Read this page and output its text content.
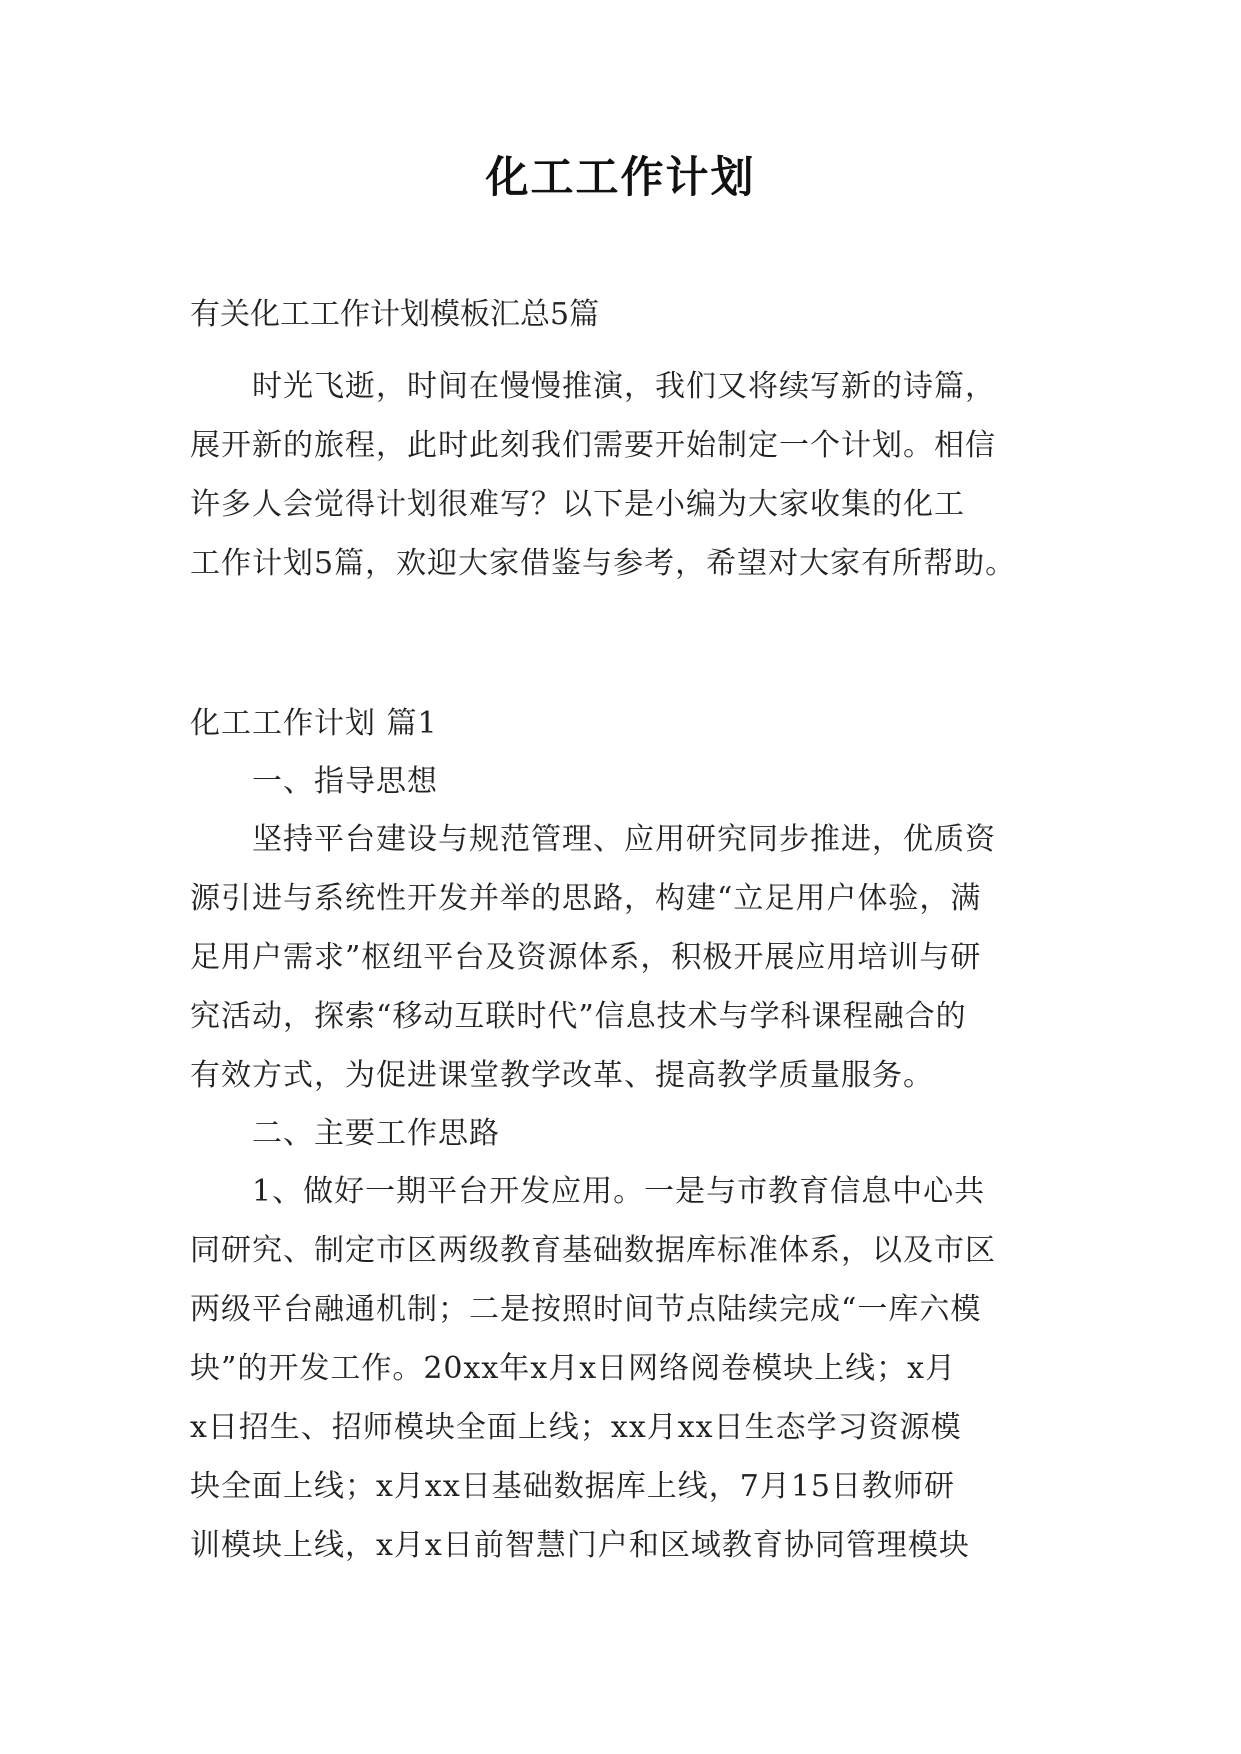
化工工作计划
有关化工工作计划模板汇总5篇
时光飞逝，时间在慢慢推演，我们又将续写新的诗篇，
展开新的旅程，此时此刻我们需要开始制定一个计划。相信
许多人会觉得计划很难写？以下是小编为大家收集的化工
工作计划5篇，欢迎大家借鉴与参考，希望对大家有所帮助。
化工工作计划 篇1
一、指导思想
坚持平台建设与规范管理、应用研究同步推进，优质资
源引进与系统性开发并举的思路，构建“立足用户体验，满
足用户需求”枢纽平台及资源体系，积极开展应用培训与研
究活动，探索“移动互联时代”信息技术与学科课程融合的
有效方式，为促进课堂教学改革、提高教学质量服务。
二、主要工作思路
1、做好一期平台开发应用。一是与市教育信息中心共
同研究、制定市区两级教育基础数据库标准体系，以及市区
两级平台融通机制；二是按照时间节点陆续完成“一库六模
块”的开发工作。20xx年x月x日网络阅卷模块上线；x月
x日招生、招师模块全面上线；xx月xx日生态学习资源模
块全面上线；x月xx日基础数据库上线，7月15日教师研
训模块上线，x月x日前智慧门户和区域教育协同管理模块
